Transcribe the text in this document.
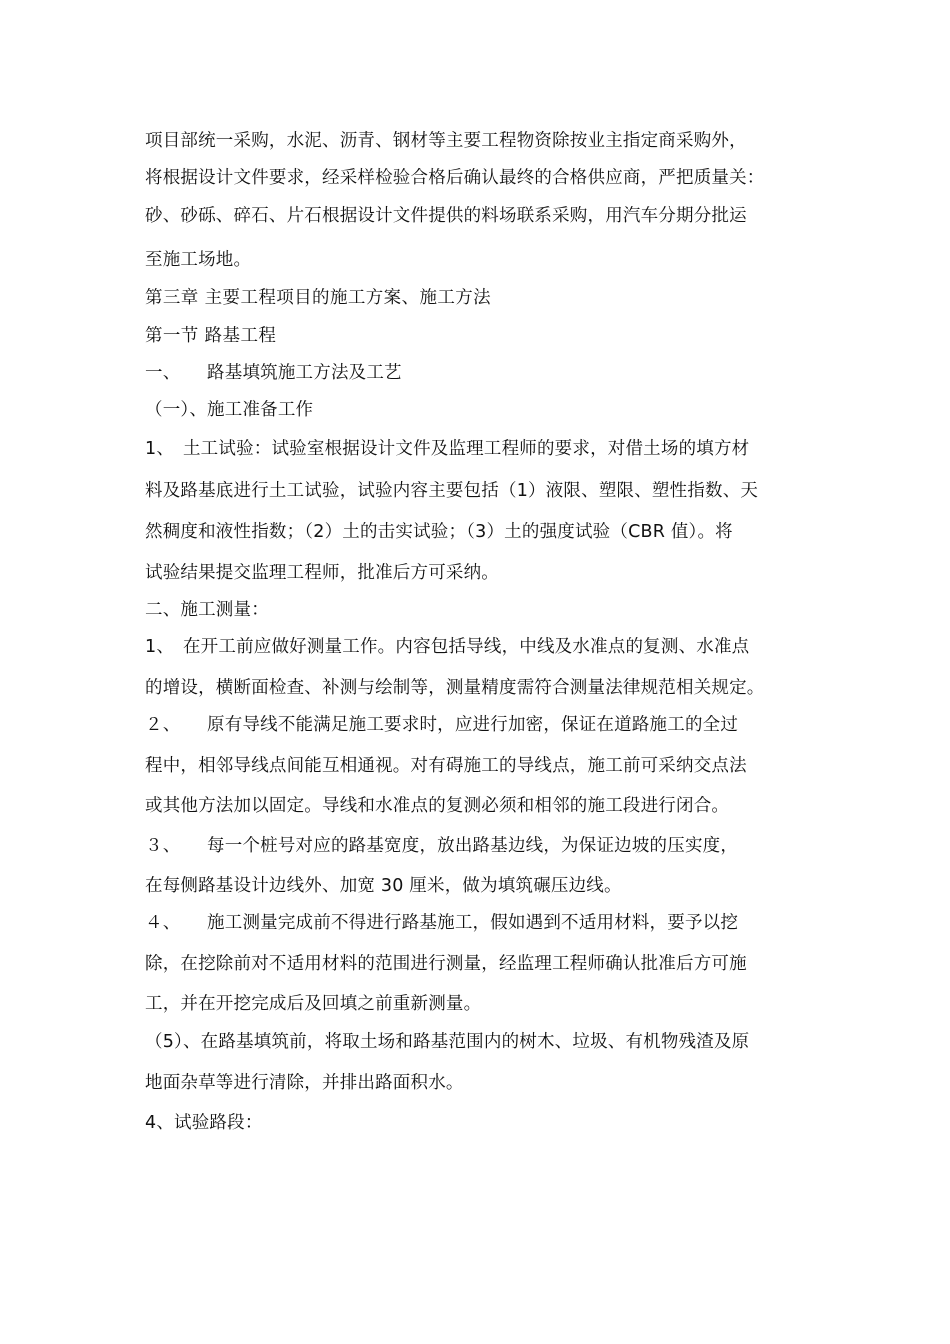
项目部统一采购，水泥、沥青、钢材等主要工程物资除按业主指定商采购外，
将根据设计文件要求，经采样检验合格后确认最终的合格供应商，严把质量关：
砂、砂砾、碎石、片石根据设计文件提供的料场联系采购，用汽车分期分批运
至施工场地。
第三章 主要工程项目的施工方案、施工方法
第一节 路基工程
一、　　路基填筑施工方法及工艺
（一）、施工准备工作
1、　土工试验：试验室根据设计文件及监理工程师的要求，对借土场的填方材
料及路基底进行土工试验，试验内容主要包括（1）液限、塑限、塑性指数、天
然稠度和液性指数；（2）土的击实试验；（3）土的强度试验（CBR 值）。将
试验结果提交监理工程师，批准后方可采纳。
二、施工测量：
1、　在开工前应做好测量工作。内容包括导线，中线及水准点的复测、水准点
的增设，横断面检查、补测与绘制等，测量精度需符合测量法律规范相关规定。
２、　　原有导线不能满足施工要求时，应进行加密，保证在道路施工的全过
程中，相邻导线点间能互相通视。对有碍施工的导线点，施工前可采纳交点法
或其他方法加以固定。导线和水准点的复测必须和相邻的施工段进行闭合。
３、　　每一个桩号对应的路基宽度，放出路基边线，为保证边坡的压实度，
在每侧路基设计边线外、加宽 30 厘米，做为填筑碾压边线。
４、　　施工测量完成前不得进行路基施工，假如遇到不适用材料，要予以挖
除，在挖除前对不适用材料的范围进行测量，经监理工程师确认批准后方可施
工，并在开挖完成后及回填之前重新测量。
（5）、在路基填筑前，将取土场和路基范围内的树木、垃圾、有机物残渣及原
地面杂草等进行清除，并排出路面积水。
4、试验路段：
